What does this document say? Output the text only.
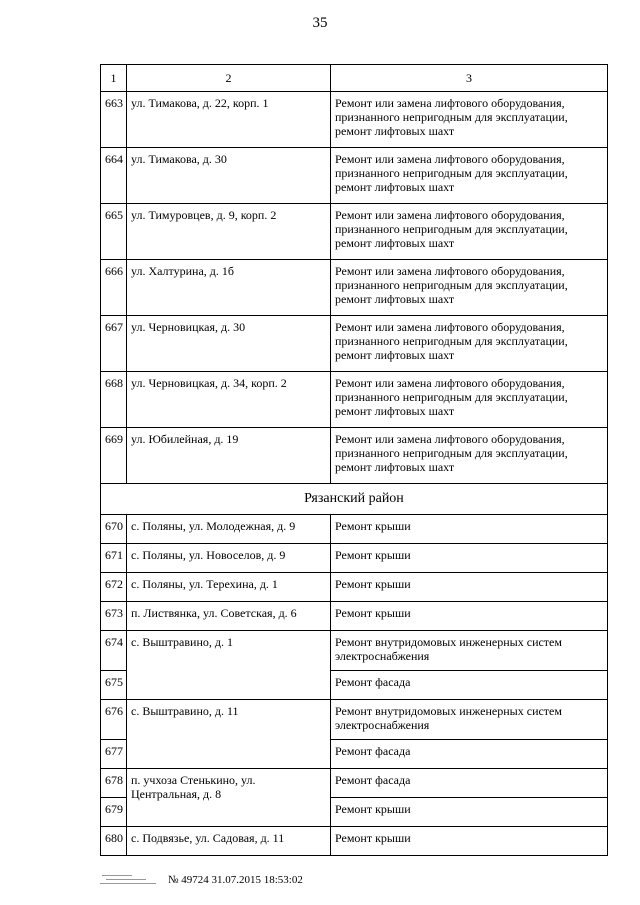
35
1	2	3
663	ул. Тимакова, д. 22, корп. 1	Ремонт или замена лифтового оборудования, признанного непригодным для эксплуатации, ремонт лифтовых шахт
664	ул. Тимакова, д. 30	Ремонт или замена лифтового оборудования, признанного непригодным для эксплуатации, ремонт лифтовых шахт
665	ул. Тимуровцев, д. 9, корп. 2	Ремонт или замена лифтового оборудования, признанного непригодным для эксплуатации, ремонт лифтовых шахт
666	ул. Халтурина, д. 1б	Ремонт или замена лифтового оборудования, признанного непригодным для эксплуатации, ремонт лифтовых шахт
667	ул. Черновицкая, д. 30	Ремонт или замена лифтового оборудования, признанного непригодным для эксплуатации, ремонт лифтовых шахт
668	ул. Черновицкая, д. 34, корп. 2	Ремонт или замена лифтового оборудования, признанного непригодным для эксплуатации, ремонт лифтовых шахт
669	ул. Юбилейная, д. 19	Ремонт или замена лифтового оборудования, признанного непригодным для эксплуатации, ремонт лифтовых шахт
Рязанский район		
670	с. Поляны, ул. Молодежная, д. 9	Ремонт крыши
671	с. Поляны, ул. Новоселов, д. 9	Ремонт крыши
672	с. Поляны, ул. Терехина, д. 1	Ремонт крыши
673	п. Листвянка, ул. Советская, д. 6	Ремонт крыши
674	с. Выштравино, д. 1	Ремонт внутридомовых инженерных систем электроснабжения
675		Ремонт фасада
676	с. Выштравино, д. 11	Ремонт внутридомовых инженерных систем электроснабжения
677		Ремонт фасада
678	п. учхоза Стенькино, ул. Центральная, д. 8	Ремонт фасада
679		Ремонт крыши
680	с. Подвязье, ул. Садовая, д. 11	Ремонт крыши
№ 49724 31.07.2015 18:53:02
